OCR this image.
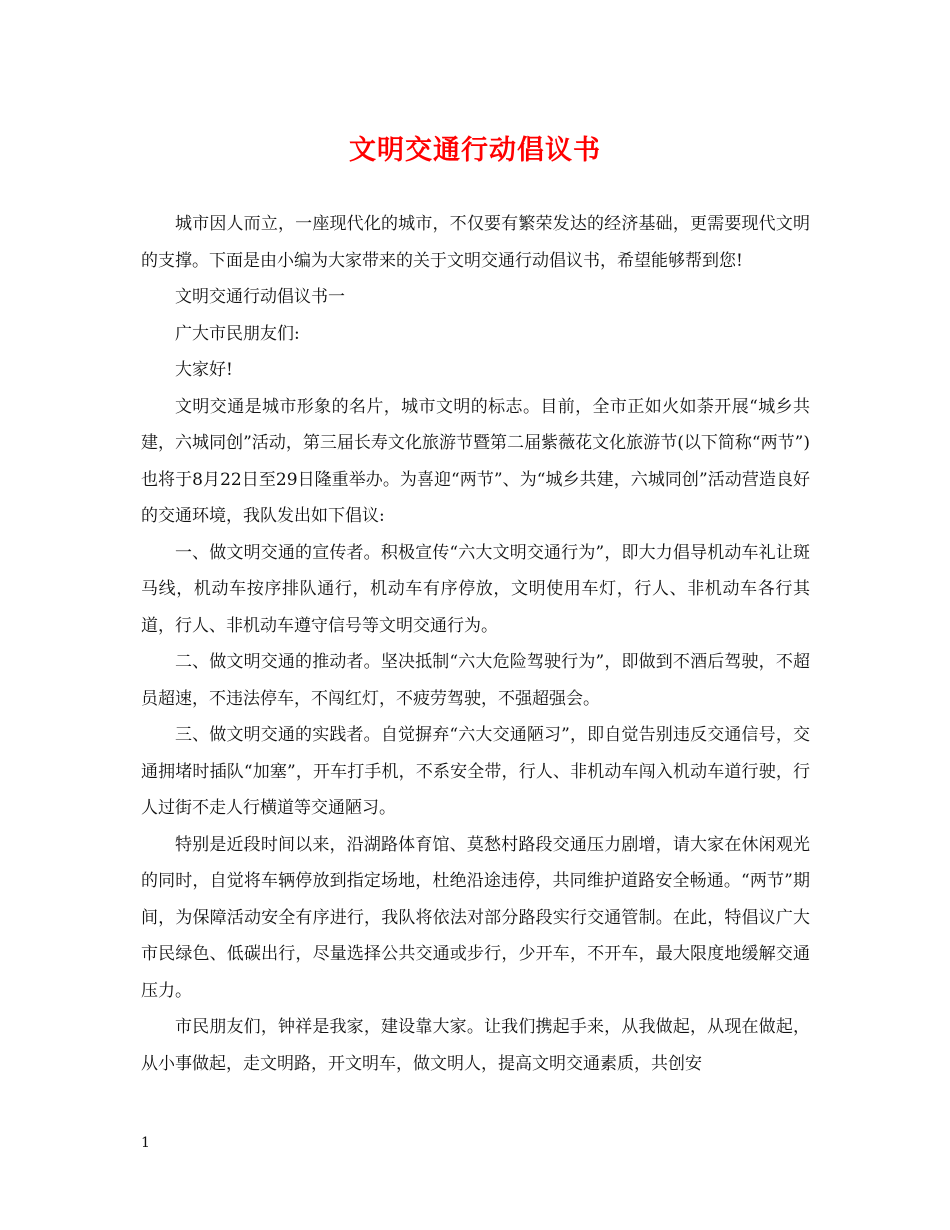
文明交通行动倡议书

城市因人而立，一座现代化的城市，不仅要有繁荣发达的经济基础，更需要现代文明的支撑。下面是由小编为大家带来的关于文明交通行动倡议书，希望能够帮到您!

文明交通行动倡议书一

广大市民朋友们:

大家好!

文明交通是城市形象的名片，城市文明的标志。目前，全市正如火如荼开展“城乡共建，六城同创”活动，第三届长寿文化旅游节暨第二届紫薇花文化旅游节(以下简称“两节”)也将于8月22日至29日隆重举办。为喜迎“两节”、为“城乡共建，六城同创”活动营造良好的交通环境，我队发出如下倡议:

一、做文明交通的宣传者。积极宣传“六大文明交通行为”，即大力倡导机动车礼让斑马线，机动车按序排队通行，机动车有序停放，文明使用车灯，行人、非机动车各行其道，行人、非机动车遵守信号等文明交通行为。

二、做文明交通的推动者。坚决抵制“六大危险驾驶行为”，即做到不酒后驾驶，不超员超速，不违法停车，不闯红灯，不疲劳驾驶，不强超强会。

三、做文明交通的实践者。自觉摒弃“六大交通陋习”，即自觉告别违反交通信号，交通拥堵时插队“加塞”，开车打手机，不系安全带，行人、非机动车闯入机动车道行驶，行人过街不走人行横道等交通陋习。

特别是近段时间以来，沿湖路体育馆、莫愁村路段交通压力剧增，请大家在休闲观光的同时，自觉将车辆停放到指定场地，杜绝沿途违停，共同维护道路安全畅通。“两节”期间，为保障活动安全有序进行，我队将依法对部分路段实行交通管制。在此，特倡议广大市民绿色、低碳出行，尽量选择公共交通或步行，少开车，不开车，最大限度地缓解交通压力。

市民朋友们，钟祥是我家，建设靠大家。让我们携起手来，从我做起，从现在做起，从小事做起，走文明路，开文明车，做文明人，提高文明交通素质，共创安

1
